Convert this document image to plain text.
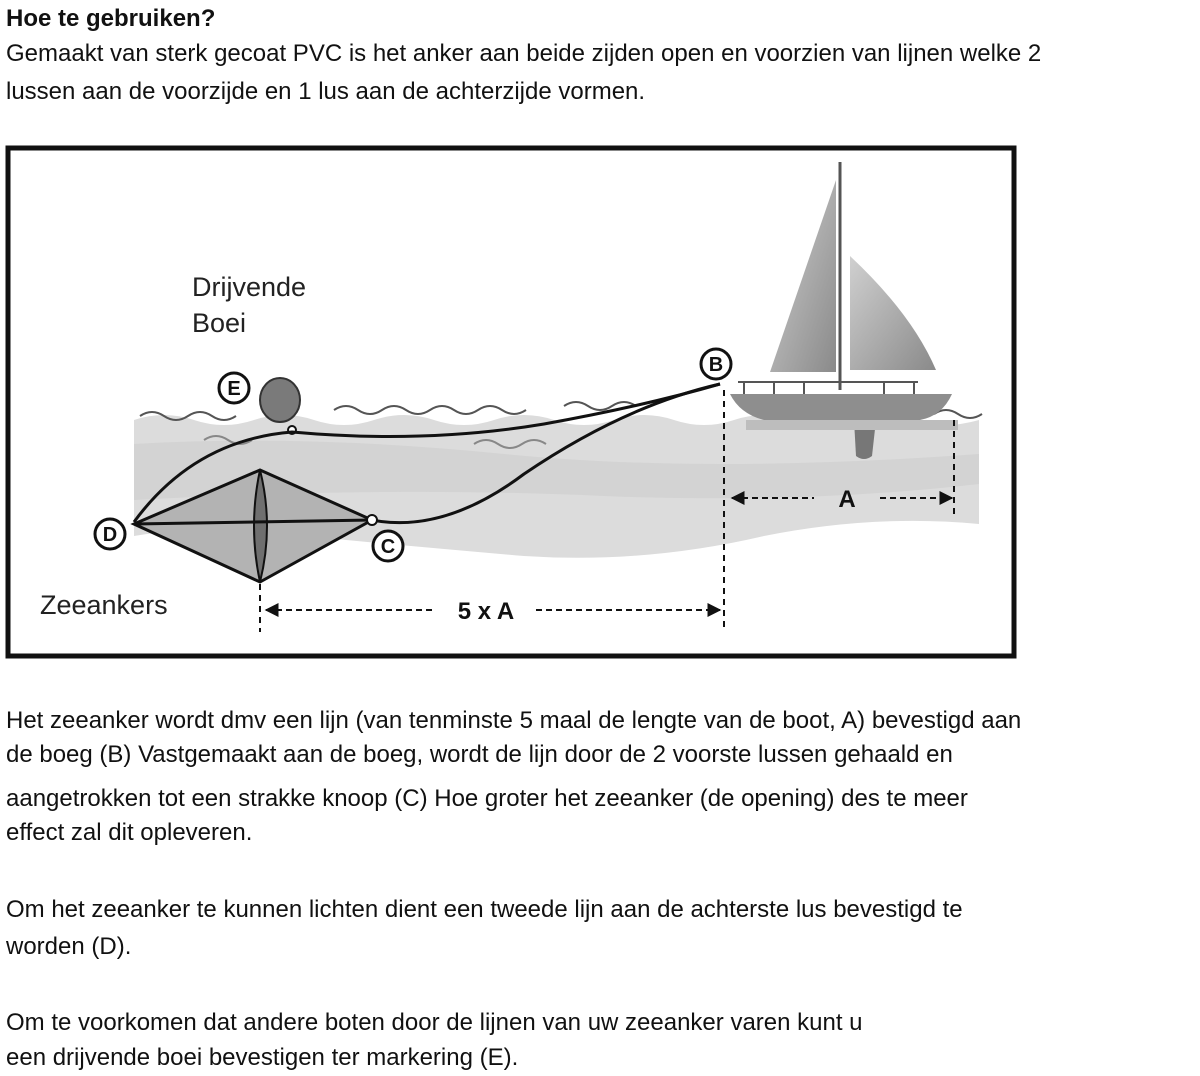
Hoe te gebruiken?
Gemaakt van sterk gecoat PVC is het anker aan beide zijden open en voorzien van lijnen welke 2
lussen aan de voorzijde en 1 lus aan de achterzijde vormen.
A
5 x A
Drijvende
Boei
Zeeankers
B
C
D
E
Het zeeanker wordt dmv een lijn (van tenminste 5 maal de lengte van de boot, A) bevestigd aan
de boeg (B) Vastgemaakt aan de boeg, wordt de lijn door de 2 voorste lussen gehaald en
aangetrokken tot een strakke knoop (C) Hoe groter het zeeanker (de opening) des te meer
effect zal dit opleveren.
Om het zeeanker te kunnen lichten dient een tweede lijn aan de achterste lus bevestigd te
worden (D).
Om te voorkomen dat andere boten door de lijnen van uw zeeanker varen kunt u
een drijvende boei bevestigen ter markering (E).
